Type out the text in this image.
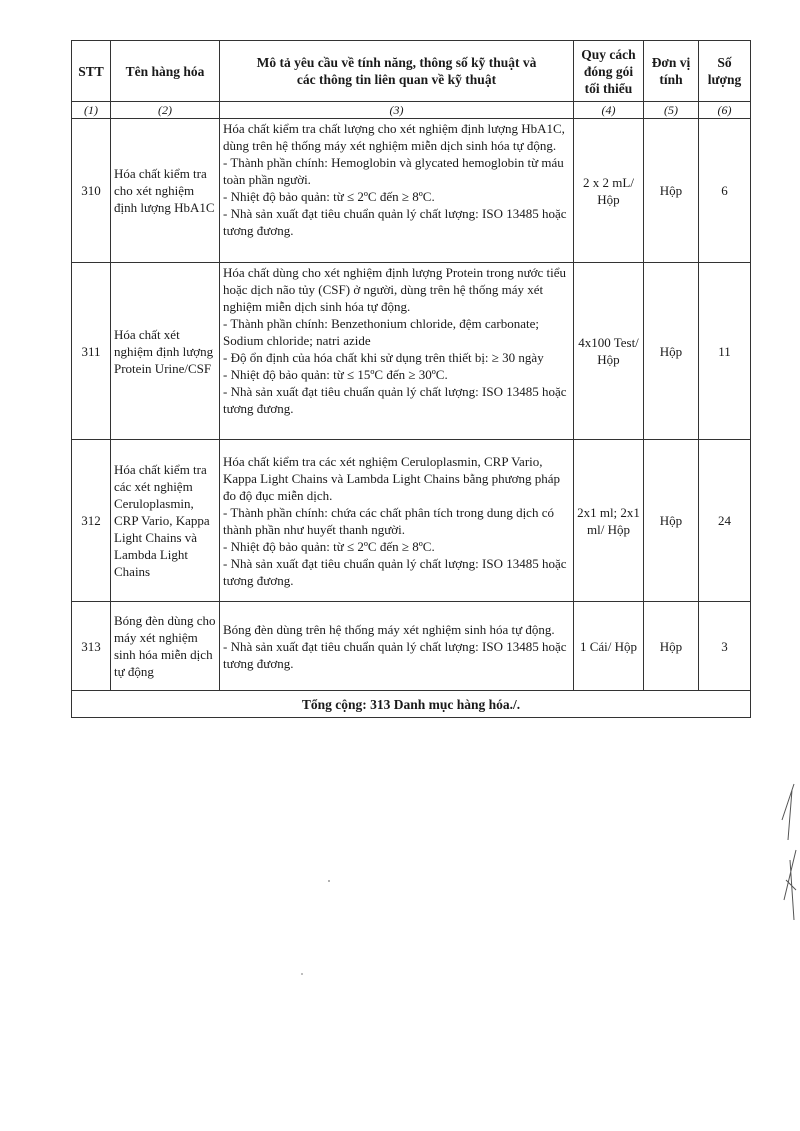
STT	Tên hàng hóa	Mô tả yêu cầu về tính năng, thông số kỹ thuật và các thông tin liên quan về kỹ thuật	Quy cách đóng gói tối thiểu	Đơn vị tính	Số lượng
(1)	(2)	(3)	(4)	(5)	(6)
310	Hóa chất kiểm tra cho xét nghiệm định lượng HbA1C	Hóa chất kiểm tra chất lượng cho xét nghiệm định lượng HbA1C, dùng trên hệ thống máy xét nghiệm miễn dịch sinh hóa tự động.
- Thành phần chính: Hemoglobin và glycated hemoglobin từ máu toàn phần người.
- Nhiệt độ bảo quản: từ ≤ 2ºC đến ≥ 8ºC.
- Nhà sản xuất đạt tiêu chuẩn quản lý chất lượng: ISO 13485 hoặc tương đương.	2 x 2 mL/ Hộp	Hộp	6
311	Hóa chất xét nghiệm định lượng Protein Urine/CSF	Hóa chất dùng cho xét nghiệm định lượng Protein trong nước tiểu hoặc dịch não tủy (CSF) ở người, dùng trên hệ thống máy xét nghiệm miễn dịch sinh hóa tự động.
- Thành phần chính: Benzethonium chloride, đệm carbonate; Sodium chloride; natri azide
- Độ ổn định của hóa chất khi sử dụng trên thiết bị: ≥ 30 ngày
- Nhiệt độ bảo quản: từ ≤ 15ºC đến ≥ 30ºC.
- Nhà sản xuất đạt tiêu chuẩn quản lý chất lượng: ISO 13485 hoặc tương đương.	4x100 Test/ Hộp	Hộp	11
312	Hóa chất kiểm tra các xét nghiệm Ceruloplasmin, CRP Vario, Kappa Light Chains và Lambda Light Chains	Hóa chất kiểm tra các xét nghiệm Ceruloplasmin, CRP Vario, Kappa Light Chains và Lambda Light Chains bằng phương pháp đo độ đục miễn dịch.
- Thành phần chính: chứa các chất phân tích trong dung dịch có thành phần như huyết thanh người.
- Nhiệt độ bảo quản: từ ≤ 2ºC đến ≥ 8ºC.
- Nhà sản xuất đạt tiêu chuẩn quản lý chất lượng: ISO 13485 hoặc tương đương.	2x1 ml; 2x1 ml/ Hộp	Hộp	24
313	Bóng đèn dùng cho máy xét nghiệm sinh hóa miễn dịch tự động	Bóng đèn dùng trên hệ thống máy xét nghiệm sinh hóa tự động.
- Nhà sản xuất đạt tiêu chuẩn quản lý chất lượng: ISO 13485 hoặc tương đương.	1 Cái/ Hộp	Hộp	3
Tổng cộng: 313 Danh mục hàng hóa./.					
